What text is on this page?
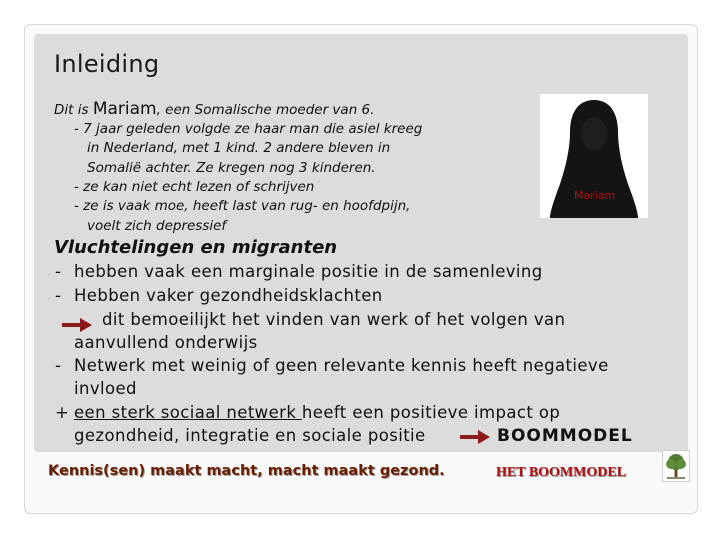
Inleiding
Dit is Mariam, een Somalische moeder van 6.
- 7 jaar geleden volgde ze haar man die asiel kreeg
in Nederland, met 1 kind. 2 andere bleven in
Somalië achter. Ze kregen nog 3 kinderen.
- ze kan niet echt lezen of schrijven
- ze is vaak moe, heeft last van rug- en hoofdpijn,
voelt zich depressief
Mariam
Vluchtelingen en migranten
- hebben vaak een marginale positie in de samenleving
- Hebben vaker gezondheidsklachten
dit bemoeilijkt het vinden van werk of het volgen van
aanvullend onderwijs
- Netwerk met weinig of geen relevante kennis heeft negatieve
invloed
+ een sterk sociaal netwerk heeft een positieve impact op
gezondheid, integratie en sociale positie	BOOMMODEL
Kennis(sen) maakt macht, macht maakt gezond.	HET BOOMMODEL
